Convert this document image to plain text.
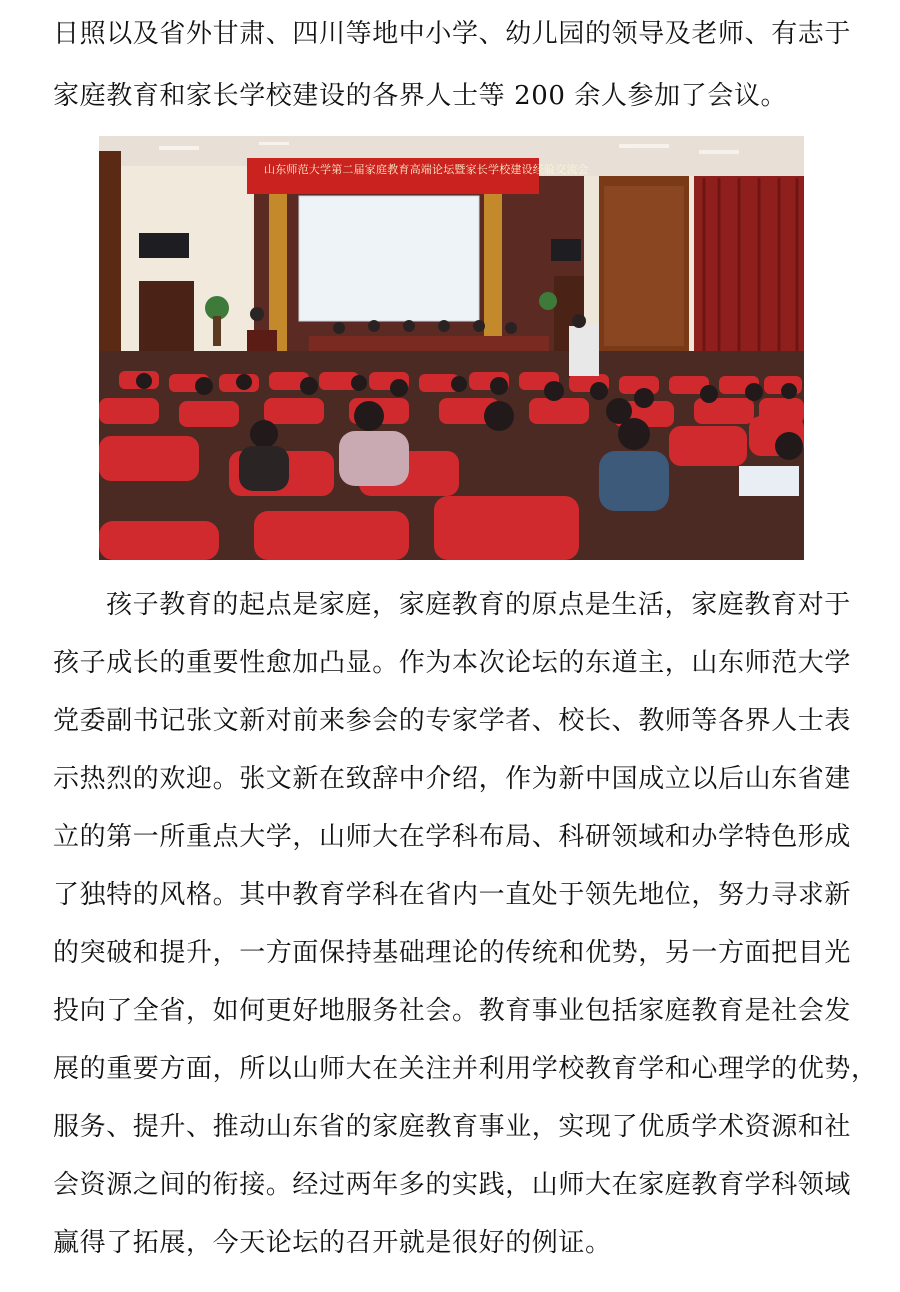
日照以及省外甘肃、四川等地中小学、幼儿园的领导及老师、有志于
家庭教育和家长学校建设的各界人士等 200 余人参加了会议。
山东师范大学第二届家庭教育高端论坛暨家长学校建设经验交流会
孩子教育的起点是家庭，家庭教育的原点是生活，家庭教育对于
孩子成长的重要性愈加凸显。作为本次论坛的东道主，山东师范大学
党委副书记张文新对前来参会的专家学者、校长、教师等各界人士表
示热烈的欢迎。张文新在致辞中介绍，作为新中国成立以后山东省建
立的第一所重点大学，山师大在学科布局、科研领域和办学特色形成
了独特的风格。其中教育学科在省内一直处于领先地位，努力寻求新
的突破和提升，一方面保持基础理论的传统和优势，另一方面把目光
投向了全省，如何更好地服务社会。教育事业包括家庭教育是社会发
展的重要方面，所以山师大在关注并利用学校教育学和心理学的优势，
服务、提升、推动山东省的家庭教育事业，实现了优质学术资源和社
会资源之间的衔接。经过两年多的实践，山师大在家庭教育学科领域
赢得了拓展，今天论坛的召开就是很好的例证。
